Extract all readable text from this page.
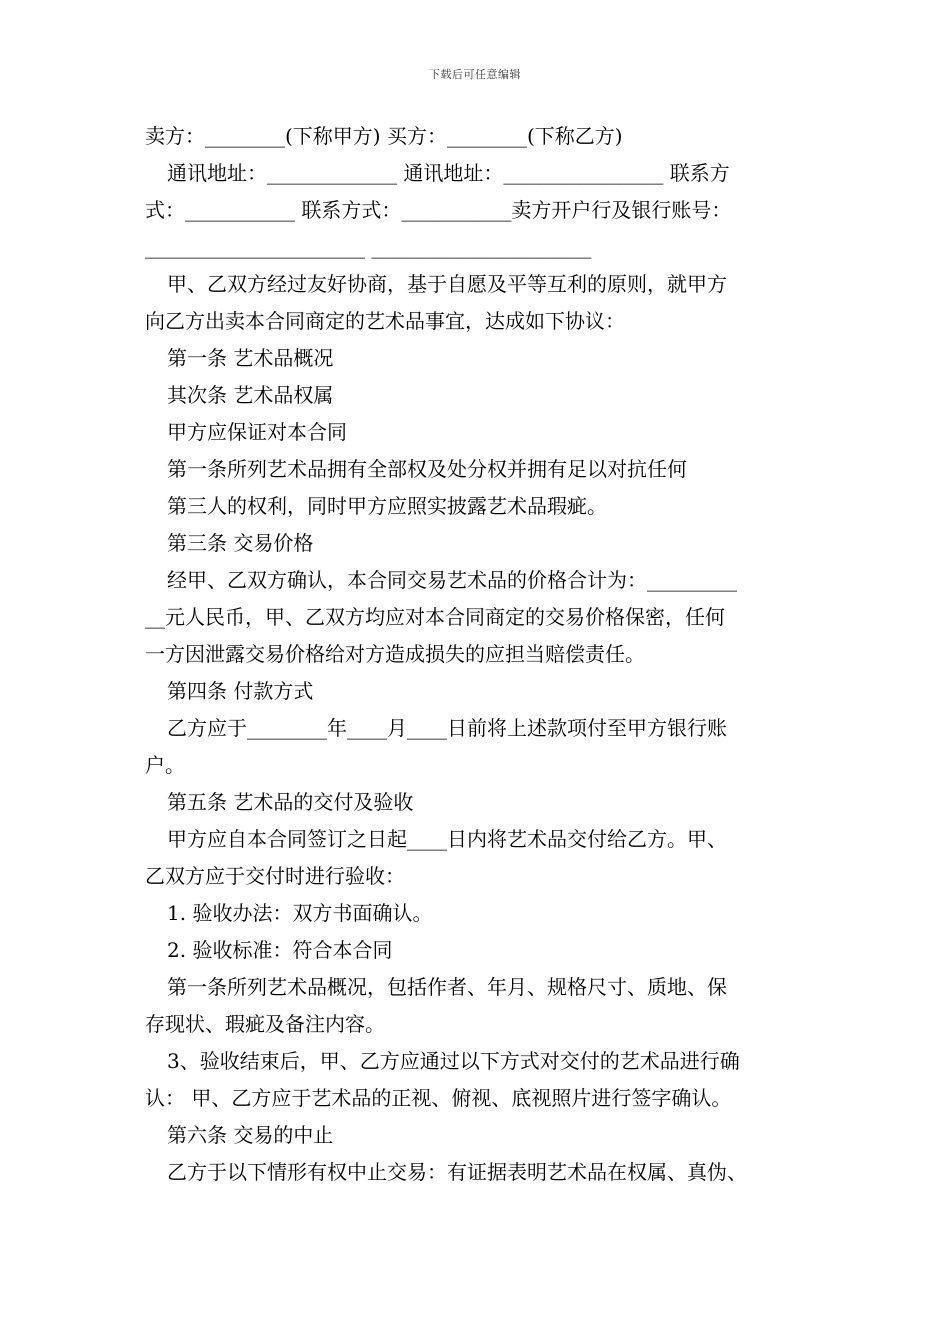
下载后可任意编辑
卖方：________(下称甲方) 买方：________(下称乙方)
通讯地址：_____________ 通讯地址：________________ 联系方
式：___________ 联系方式：___________卖方开户行及银行账号：
______________________ ______________________
甲、乙双方经过友好协商，基于自愿及平等互利的原则，就甲方
向乙方出卖本合同商定的艺术品事宜，达成如下协议：
第一条 艺术品概况
其次条 艺术品权属
甲方应保证对本合同
第一条所列艺术品拥有全部权及处分权并拥有足以对抗任何
第三人的权利，同时甲方应照实披露艺术品瑕疵。
第三条 交易价格
经甲、乙双方确认，本合同交易艺术品的价格合计为：_________
__元人民币，甲、乙双方均应对本合同商定的交易价格保密，任何
一方因泄露交易价格给对方造成损失的应担当赔偿责任。
第四条 付款方式
乙方应于________年____月____日前将上述款项付至甲方银行账
户。
第五条 艺术品的交付及验收
甲方应自本合同签订之日起____日内将艺术品交付给乙方。甲、
乙双方应于交付时进行验收：
1. 验收办法：双方书面确认。
2. 验收标准：符合本合同
第一条所列艺术品概况，包括作者、年月、规格尺寸、质地、保
存现状、瑕疵及备注内容。
3、验收结束后，甲、乙方应通过以下方式对交付的艺术品进行确
认： 甲、乙方应于艺术品的正视、俯视、底视照片进行签字确认。
第六条 交易的中止
乙方于以下情形有权中止交易：有证据表明艺术品在权属、真伪、
